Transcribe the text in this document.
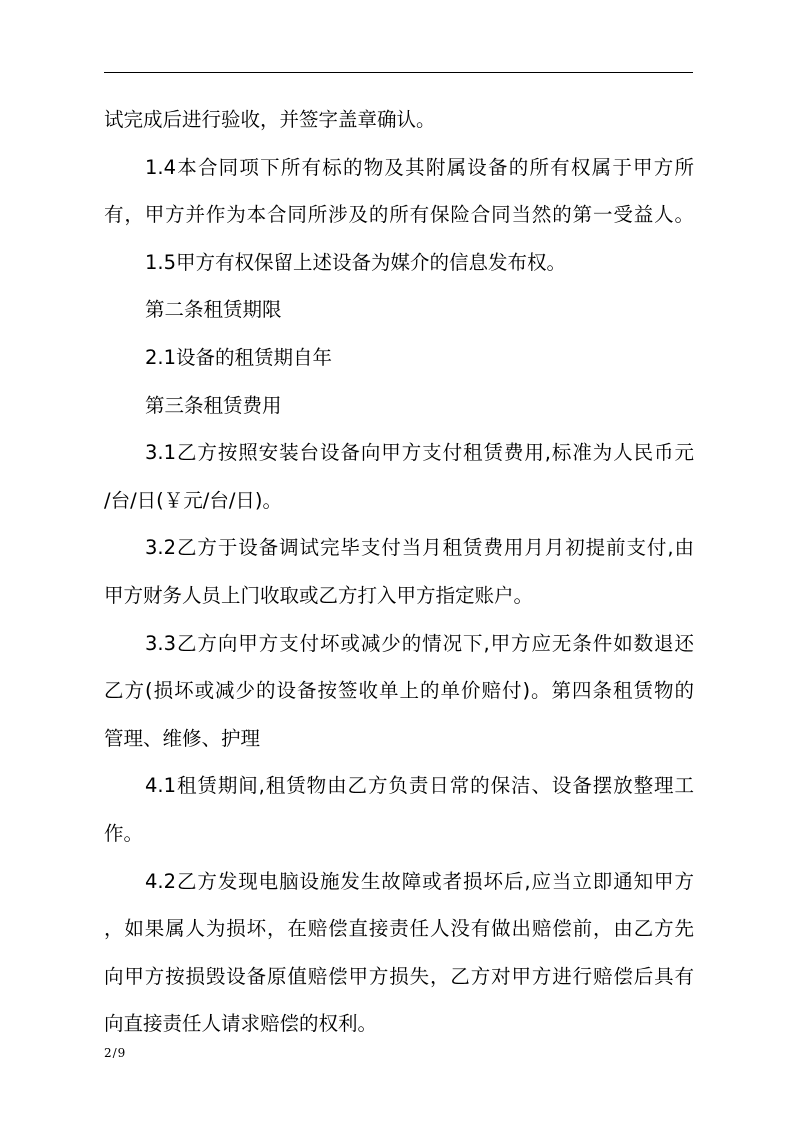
试完成后进行验收，并签字盖章确认。
1.4本合同项下所有标的物及其附属设备的所有权属于甲方所
有，甲方并作为本合同所涉及的所有保险合同当然的第一受益人。
1.5甲方有权保留上述设备为媒介的信息发布权。
第二条租赁期限
2.1设备的租赁期自年
第三条租赁费用
3.1乙方按照安装台设备向甲方支付租赁费用,标准为人民币元
/台/日(￥元/台/日)。
3.2乙方于设备调试完毕支付当月租赁费用月月初提前支付,由
甲方财务人员上门收取或乙方打入甲方指定账户。
3.3乙方向甲方支付坏或减少的情况下,甲方应无条件如数退还
乙方(损坏或减少的设备按签收单上的单价赔付)。第四条租赁物的
管理、维修、护理
4.1租赁期间,租赁物由乙方负责日常的保洁、设备摆放整理工
作。
4.2乙方发现电脑设施发生故障或者损坏后,应当立即通知甲方
，如果属人为损坏，在赔偿直接责任人没有做出赔偿前，由乙方先
向甲方按损毁设备原值赔偿甲方损失，乙方对甲方进行赔偿后具有
向直接责任人请求赔偿的权利。
2/9
